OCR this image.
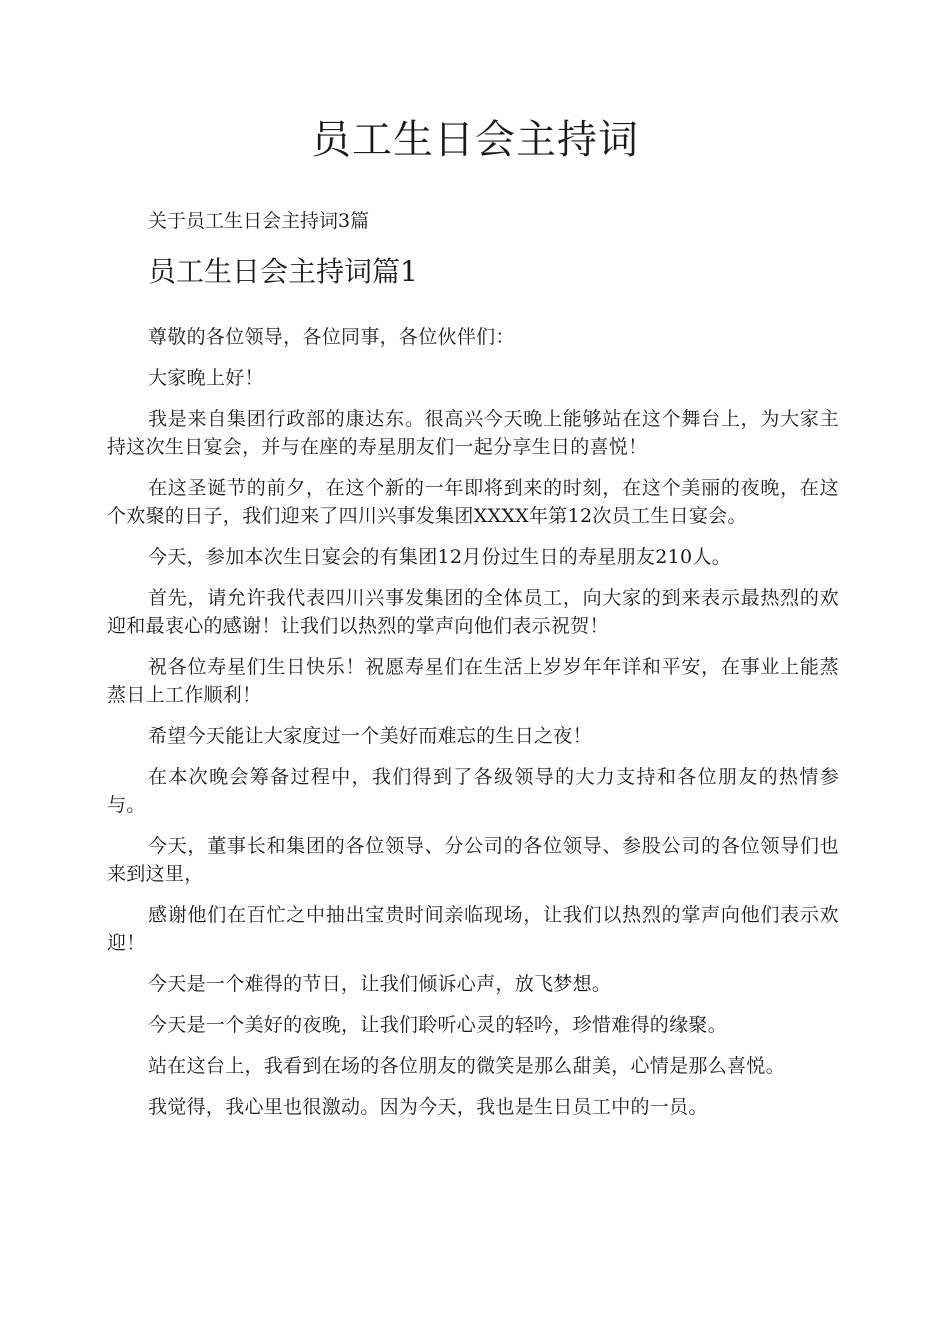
员工生日会主持词

关于员工生日会主持词3篇

员工生日会主持词篇1

尊敬的各位领导，各位同事，各位伙伴们：

大家晚上好！

我是来自集团行政部的康达东。很高兴今天晚上能够站在这个舞台上，为大家主持这次生日宴会，并与在座的寿星朋友们一起分享生日的喜悦！

在这圣诞节的前夕，在这个新的一年即将到来的时刻，在这个美丽的夜晚，在这个欢聚的日子，我们迎来了四川兴事发集团XXXX年第12次员工生日宴会。

今天，参加本次生日宴会的有集团12月份过生日的寿星朋友210人。

首先，请允许我代表四川兴事发集团的全体员工，向大家的到来表示最热烈的欢迎和最衷心的感谢！让我们以热烈的掌声向他们表示祝贺！

祝各位寿星们生日快乐！祝愿寿星们在生活上岁岁年年详和平安，在事业上能蒸蒸日上工作顺利！

希望今天能让大家度过一个美好而难忘的生日之夜！

在本次晚会筹备过程中，我们得到了各级领导的大力支持和各位朋友的热情参与。

今天，董事长和集团的各位领导、分公司的各位领导、参股公司的各位领导们也来到这里，

感谢他们在百忙之中抽出宝贵时间亲临现场，让我们以热烈的掌声向他们表示欢迎！

今天是一个难得的节日，让我们倾诉心声，放飞梦想。

今天是一个美好的夜晚，让我们聆听心灵的轻吟，珍惜难得的缘聚。

站在这台上，我看到在场的各位朋友的微笑是那么甜美，心情是那么喜悦。

我觉得，我心里也很激动。因为今天，我也是生日员工中的一员。
